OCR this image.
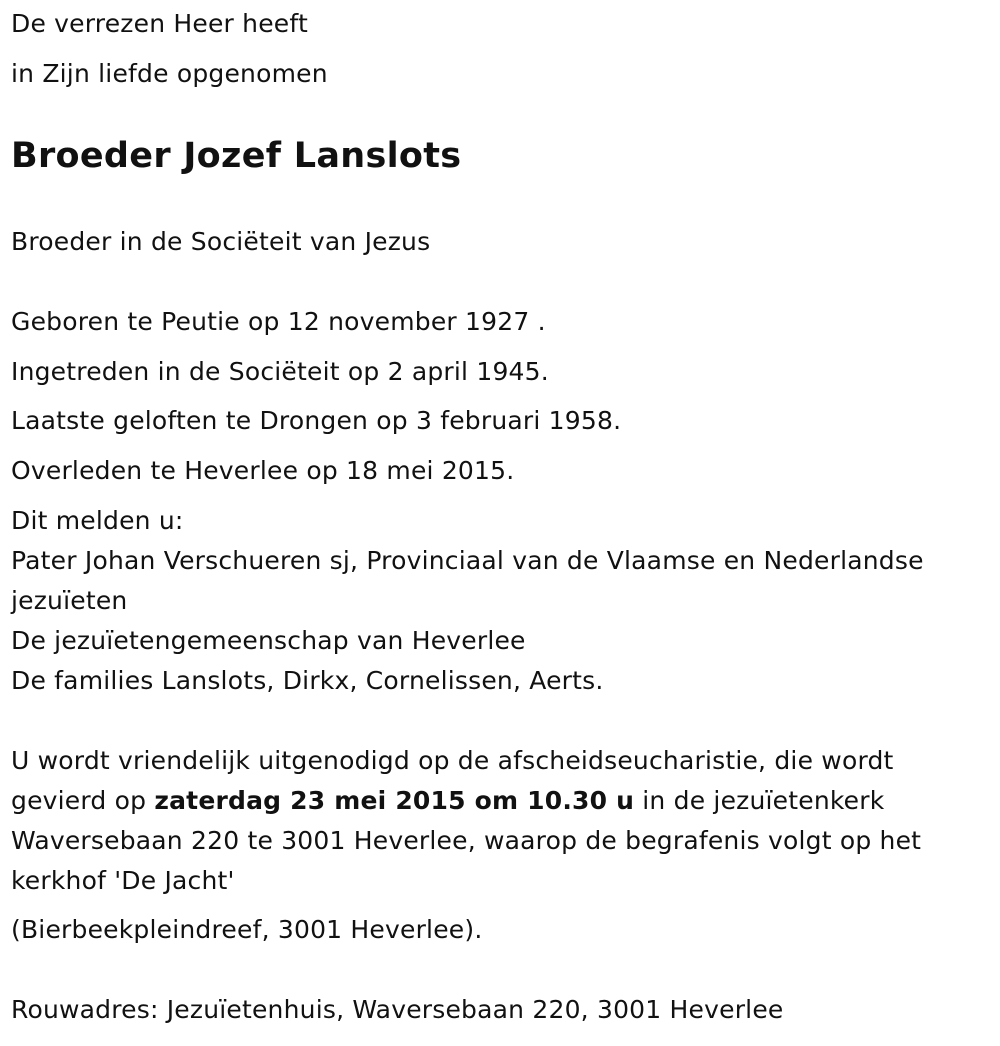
De verrezen Heer heeft
in Zijn liefde opgenomen
Broeder Jozef Lanslots
Broeder in de Sociëteit van Jezus
Geboren te Peutie op 12 november 1927 .
Ingetreden in de Sociëteit op 2 april 1945.
Laatste geloften te Drongen op 3 februari 1958.
Overleden te Heverlee op 18 mei 2015.
Dit melden u:
Pater Johan Verschueren sj, Provinciaal van de Vlaamse en Nederlandse
jezuïeten
De jezuïetengemeenschap van Heverlee
De families Lanslots, Dirkx, Cornelissen, Aerts.
U wordt vriendelijk uitgenodigd op de afscheidseucharistie, die wordt
gevierd op zaterdag 23 mei 2015 om 10.30 u in de jezuïetenkerk
Waversebaan 220 te 3001 Heverlee, waarop de begrafenis volgt op het
kerkhof 'De Jacht'
(Bierbeekpleindreef, 3001 Heverlee).
Rouwadres: Jezuïetenhuis, Waversebaan 220, 3001 Heverlee
